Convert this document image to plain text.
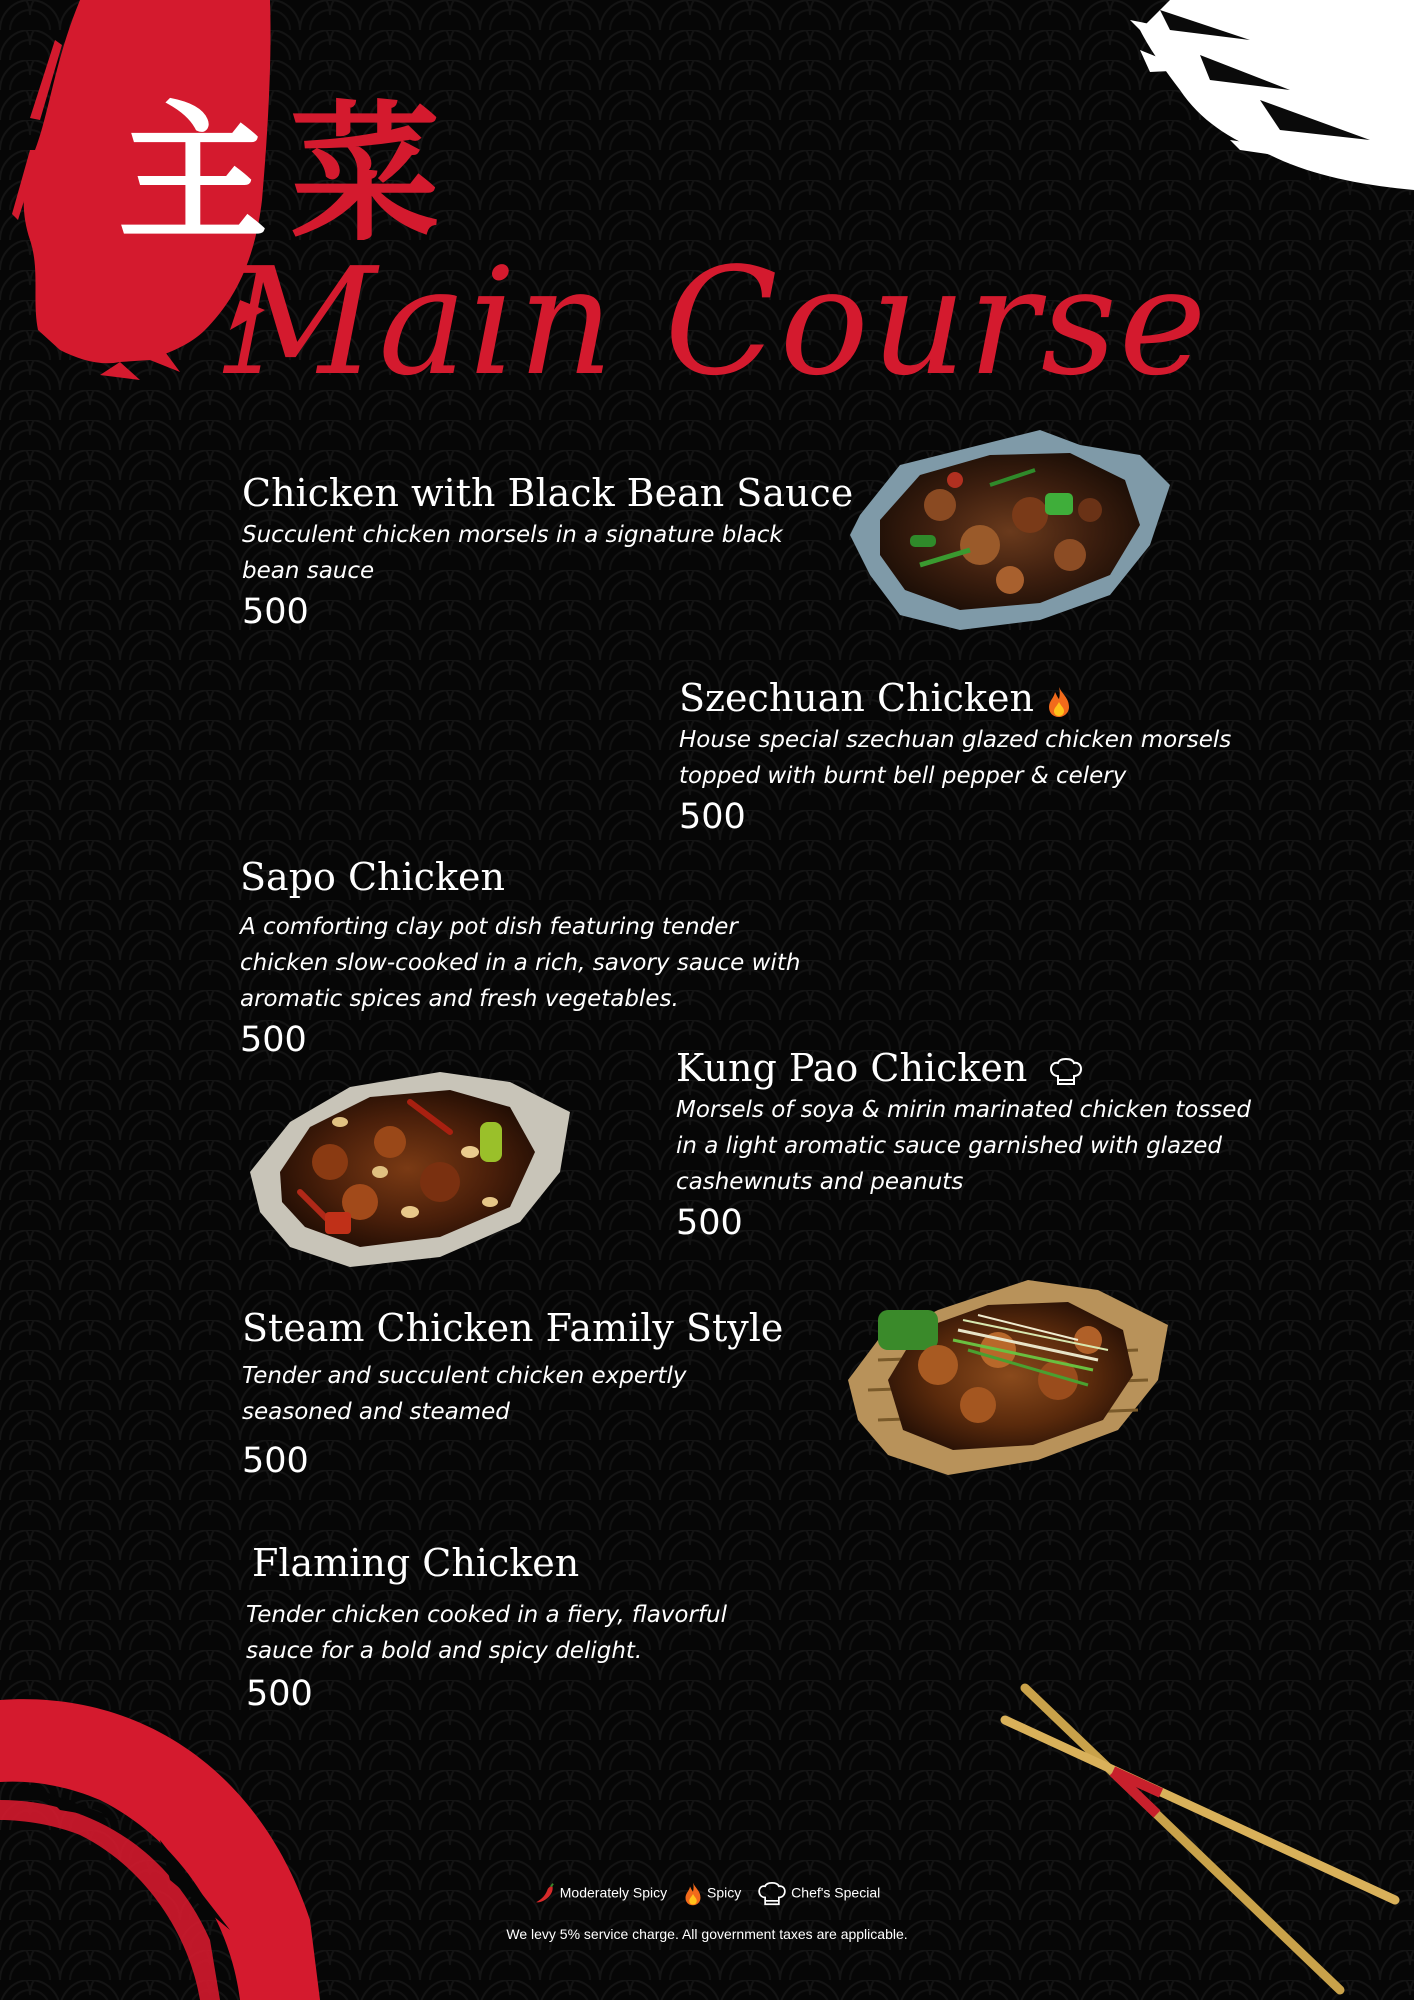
主 菜
Main Course
Chicken with Black Bean Sauce
Succulent chicken morsels in a signature black bean sauce
500
Szechuan Chicken
House special szechuan glazed chicken morsels topped with burnt bell pepper & celery
500
Sapo Chicken
A comforting clay pot dish featuring tender chicken slow-cooked in a rich, savory sauce with aromatic spices and fresh vegetables.
500
Kung Pao Chicken
Morsels of soya & mirin marinated chicken tossed in a light aromatic sauce garnished with glazed cashewnuts and peanuts
500
Steam Chicken Family Style
Tender and succulent chicken expertly seasoned and steamed
500
Flaming Chicken
Tender chicken cooked in a fiery, flavorful sauce for a bold and spicy delight.
500
Moderately Spicy	Spicy	Chef's Special
We levy 5% service charge. All government taxes are applicable.
